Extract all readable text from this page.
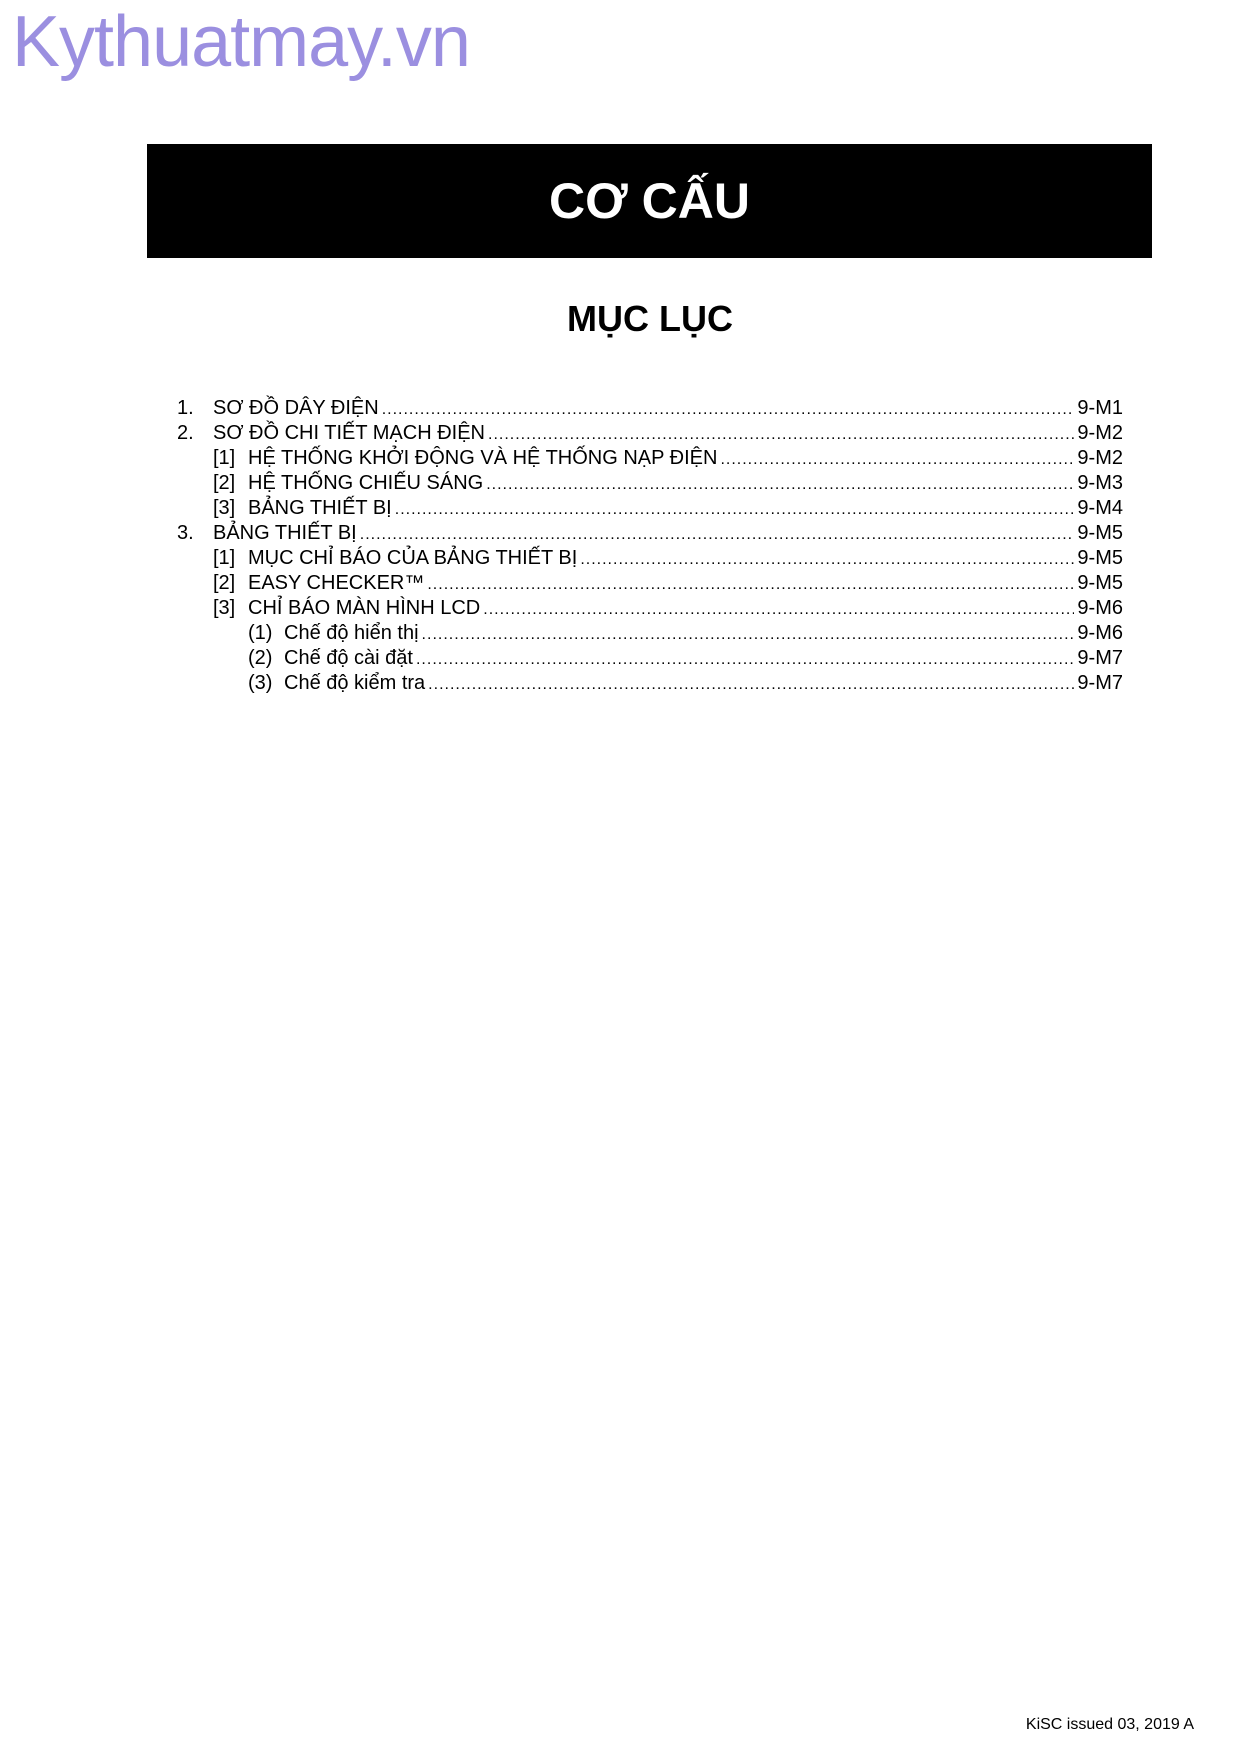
Kythuatmay.vn
CƠ CẤU
MỤC LỤC
1. SƠ ĐỒ DÂY ĐIỆN .....	9-M1
2. SƠ ĐỒ CHI TIẾT MẠCH ĐIỆN .....	9-M2
[1] HỆ THỐNG KHỞI ĐỘNG VÀ HỆ THỐNG NẠP ĐIỆN .....	9-M2
[2] HỆ THỐNG CHIẾU SÁNG .....	9-M3
[3] BẢNG THIẾT BỊ .....	9-M4
3. BẢNG THIẾT BỊ .....	9-M5
[1] MỤC CHỈ BÁO CỦA BẢNG THIẾT BỊ .....	9-M5
[2] EASY CHECKER™ .....	9-M5
[3] CHỈ BÁO MÀN HÌNH LCD .....	9-M6
(1) Chế độ hiển thị .....	9-M6
(2) Chế độ cài đặt .....	9-M7
(3) Chế độ kiểm tra .....	9-M7
KiSC issued 03, 2019 A
